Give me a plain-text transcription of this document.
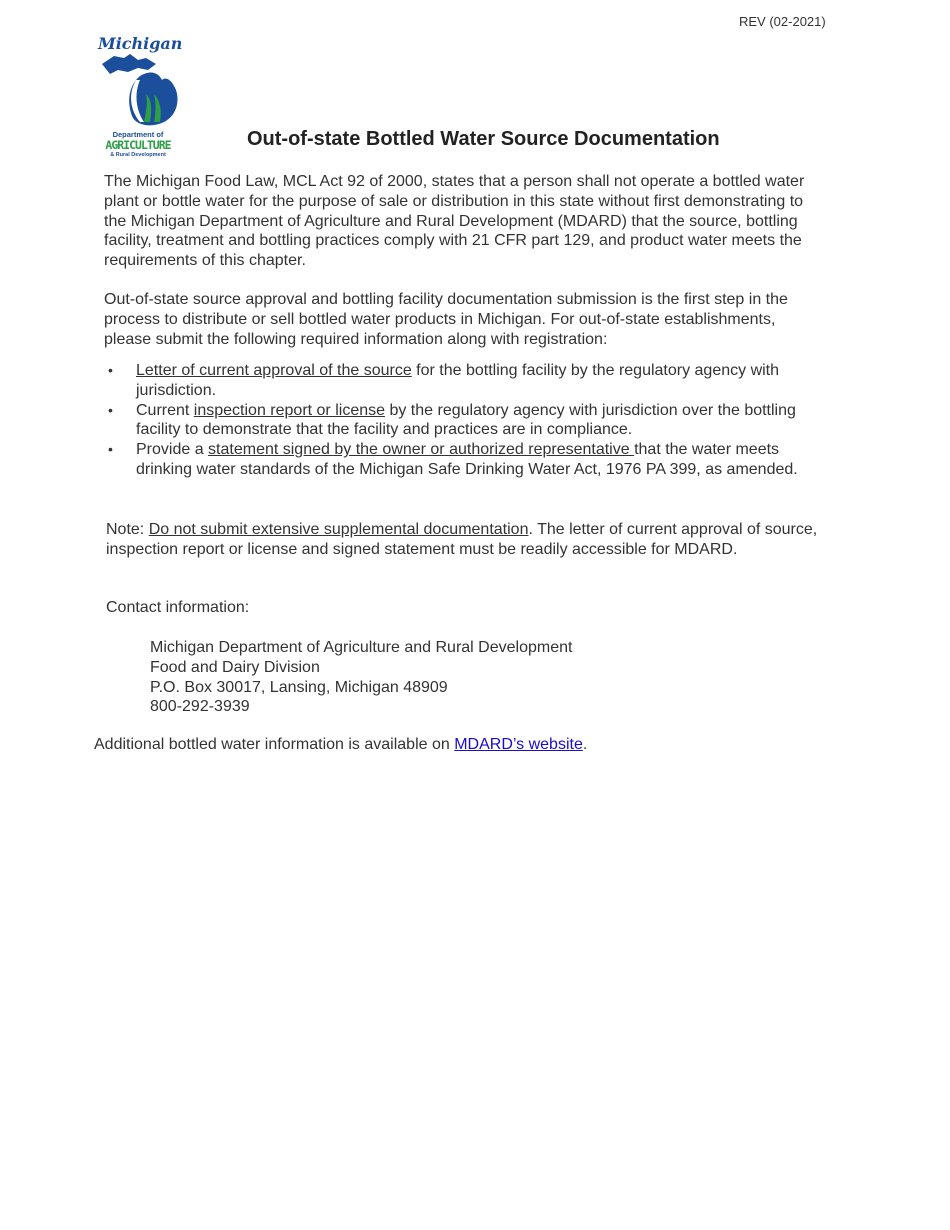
REV (02-2021)
Michigan
Department of
AGRICULTURE
& Rural Development
Out-of-state Bottled Water Source Documentation
The Michigan Food Law, MCL Act 92 of 2000, states that a person shall not operate a bottled water plant or bottle water for the purpose of sale or distribution in this state without first demonstrating to the Michigan Department of Agriculture and Rural Development (MDARD) that the source, bottling facility, treatment and bottling practices comply with 21 CFR part 129, and product water meets the requirements of this chapter.
Out-of-state source approval and bottling facility documentation submission is the first step in the process to distribute or sell bottled water products in Michigan. For out-of-state establishments, please submit the following required information along with registration:
• Letter of current approval of the source for the bottling facility by the regulatory agency with jurisdiction.
• Current inspection report or license by the regulatory agency with jurisdiction over the bottling facility to demonstrate that the facility and practices are in compliance.
• Provide a statement signed by the owner or authorized representative that the water meets drinking water standards of the Michigan Safe Drinking Water Act, 1976 PA 399, as amended.
Note: Do not submit extensive supplemental documentation. The letter of current approval of source, inspection report or license and signed statement must be readily accessible for MDARD.
Contact information:
Michigan Department of Agriculture and Rural Development
Food and Dairy Division
P.O. Box 30017, Lansing, Michigan 48909
800-292-3939
Additional bottled water information is available on MDARD’s website.
